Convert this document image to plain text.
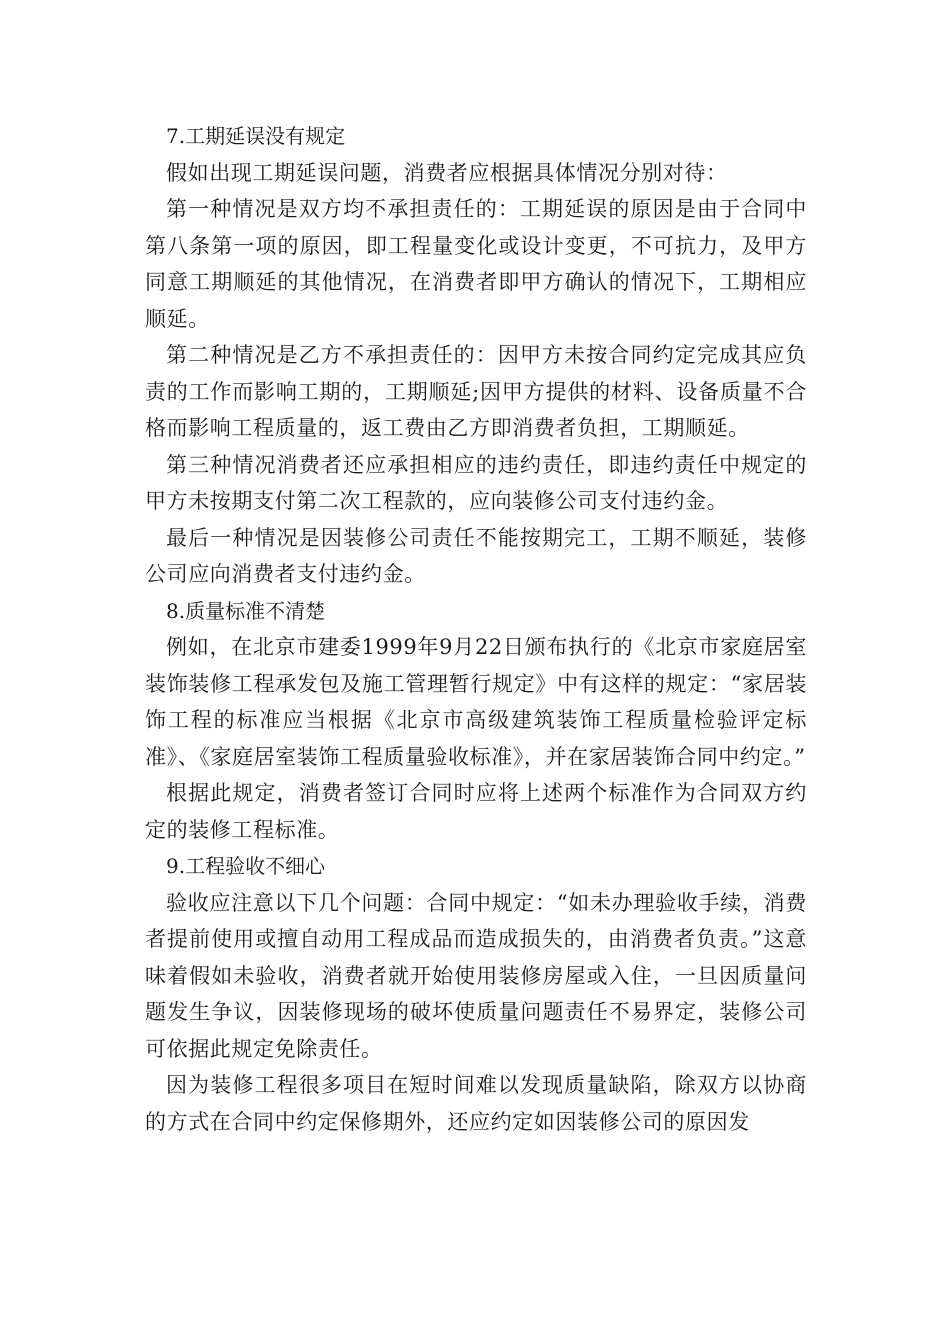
7.工期延误没有规定

假如出现工期延误问题，消费者应根据具体情况分别对待：

第一种情况是双方均不承担责任的：工期延误的原因是由于合同中第八条第一项的原因，即工程量变化或设计变更，不可抗力，及甲方同意工期顺延的其他情况，在消费者即甲方确认的情况下，工期相应顺延。

第二种情况是乙方不承担责任的：因甲方未按合同约定完成其应负责的工作而影响工期的，工期顺延;因甲方提供的材料、设备质量不合格而影响工程质量的，返工费由乙方即消费者负担，工期顺延。

第三种情况消费者还应承担相应的违约责任，即违约责任中规定的甲方未按期支付第二次工程款的，应向装修公司支付违约金。

最后一种情况是因装修公司责任不能按期完工，工期不顺延，装修公司应向消费者支付违约金。

8.质量标准不清楚

例如，在北京市建委1999年9月22日颁布执行的《北京市家庭居室装饰装修工程承发包及施工管理暂行规定》中有这样的规定：“家居装饰工程的标准应当根据《北京市高级建筑装饰工程质量检验评定标准》、《家庭居室装饰工程质量验收标准》，并在家居装饰合同中约定。”

根据此规定，消费者签订合同时应将上述两个标准作为合同双方约定的装修工程标准。

9.工程验收不细心

验收应注意以下几个问题：合同中规定：“如未办理验收手续，消费者提前使用或擅自动用工程成品而造成损失的，由消费者负责。”这意味着假如未验收，消费者就开始使用装修房屋或入住，一旦因质量问题发生争议，因装修现场的破坏使质量问题责任不易界定，装修公司可依据此规定免除责任。

因为装修工程很多项目在短时间难以发现质量缺陷，除双方以协商的方式在合同中约定保修期外，还应约定如因装修公司的原因发
